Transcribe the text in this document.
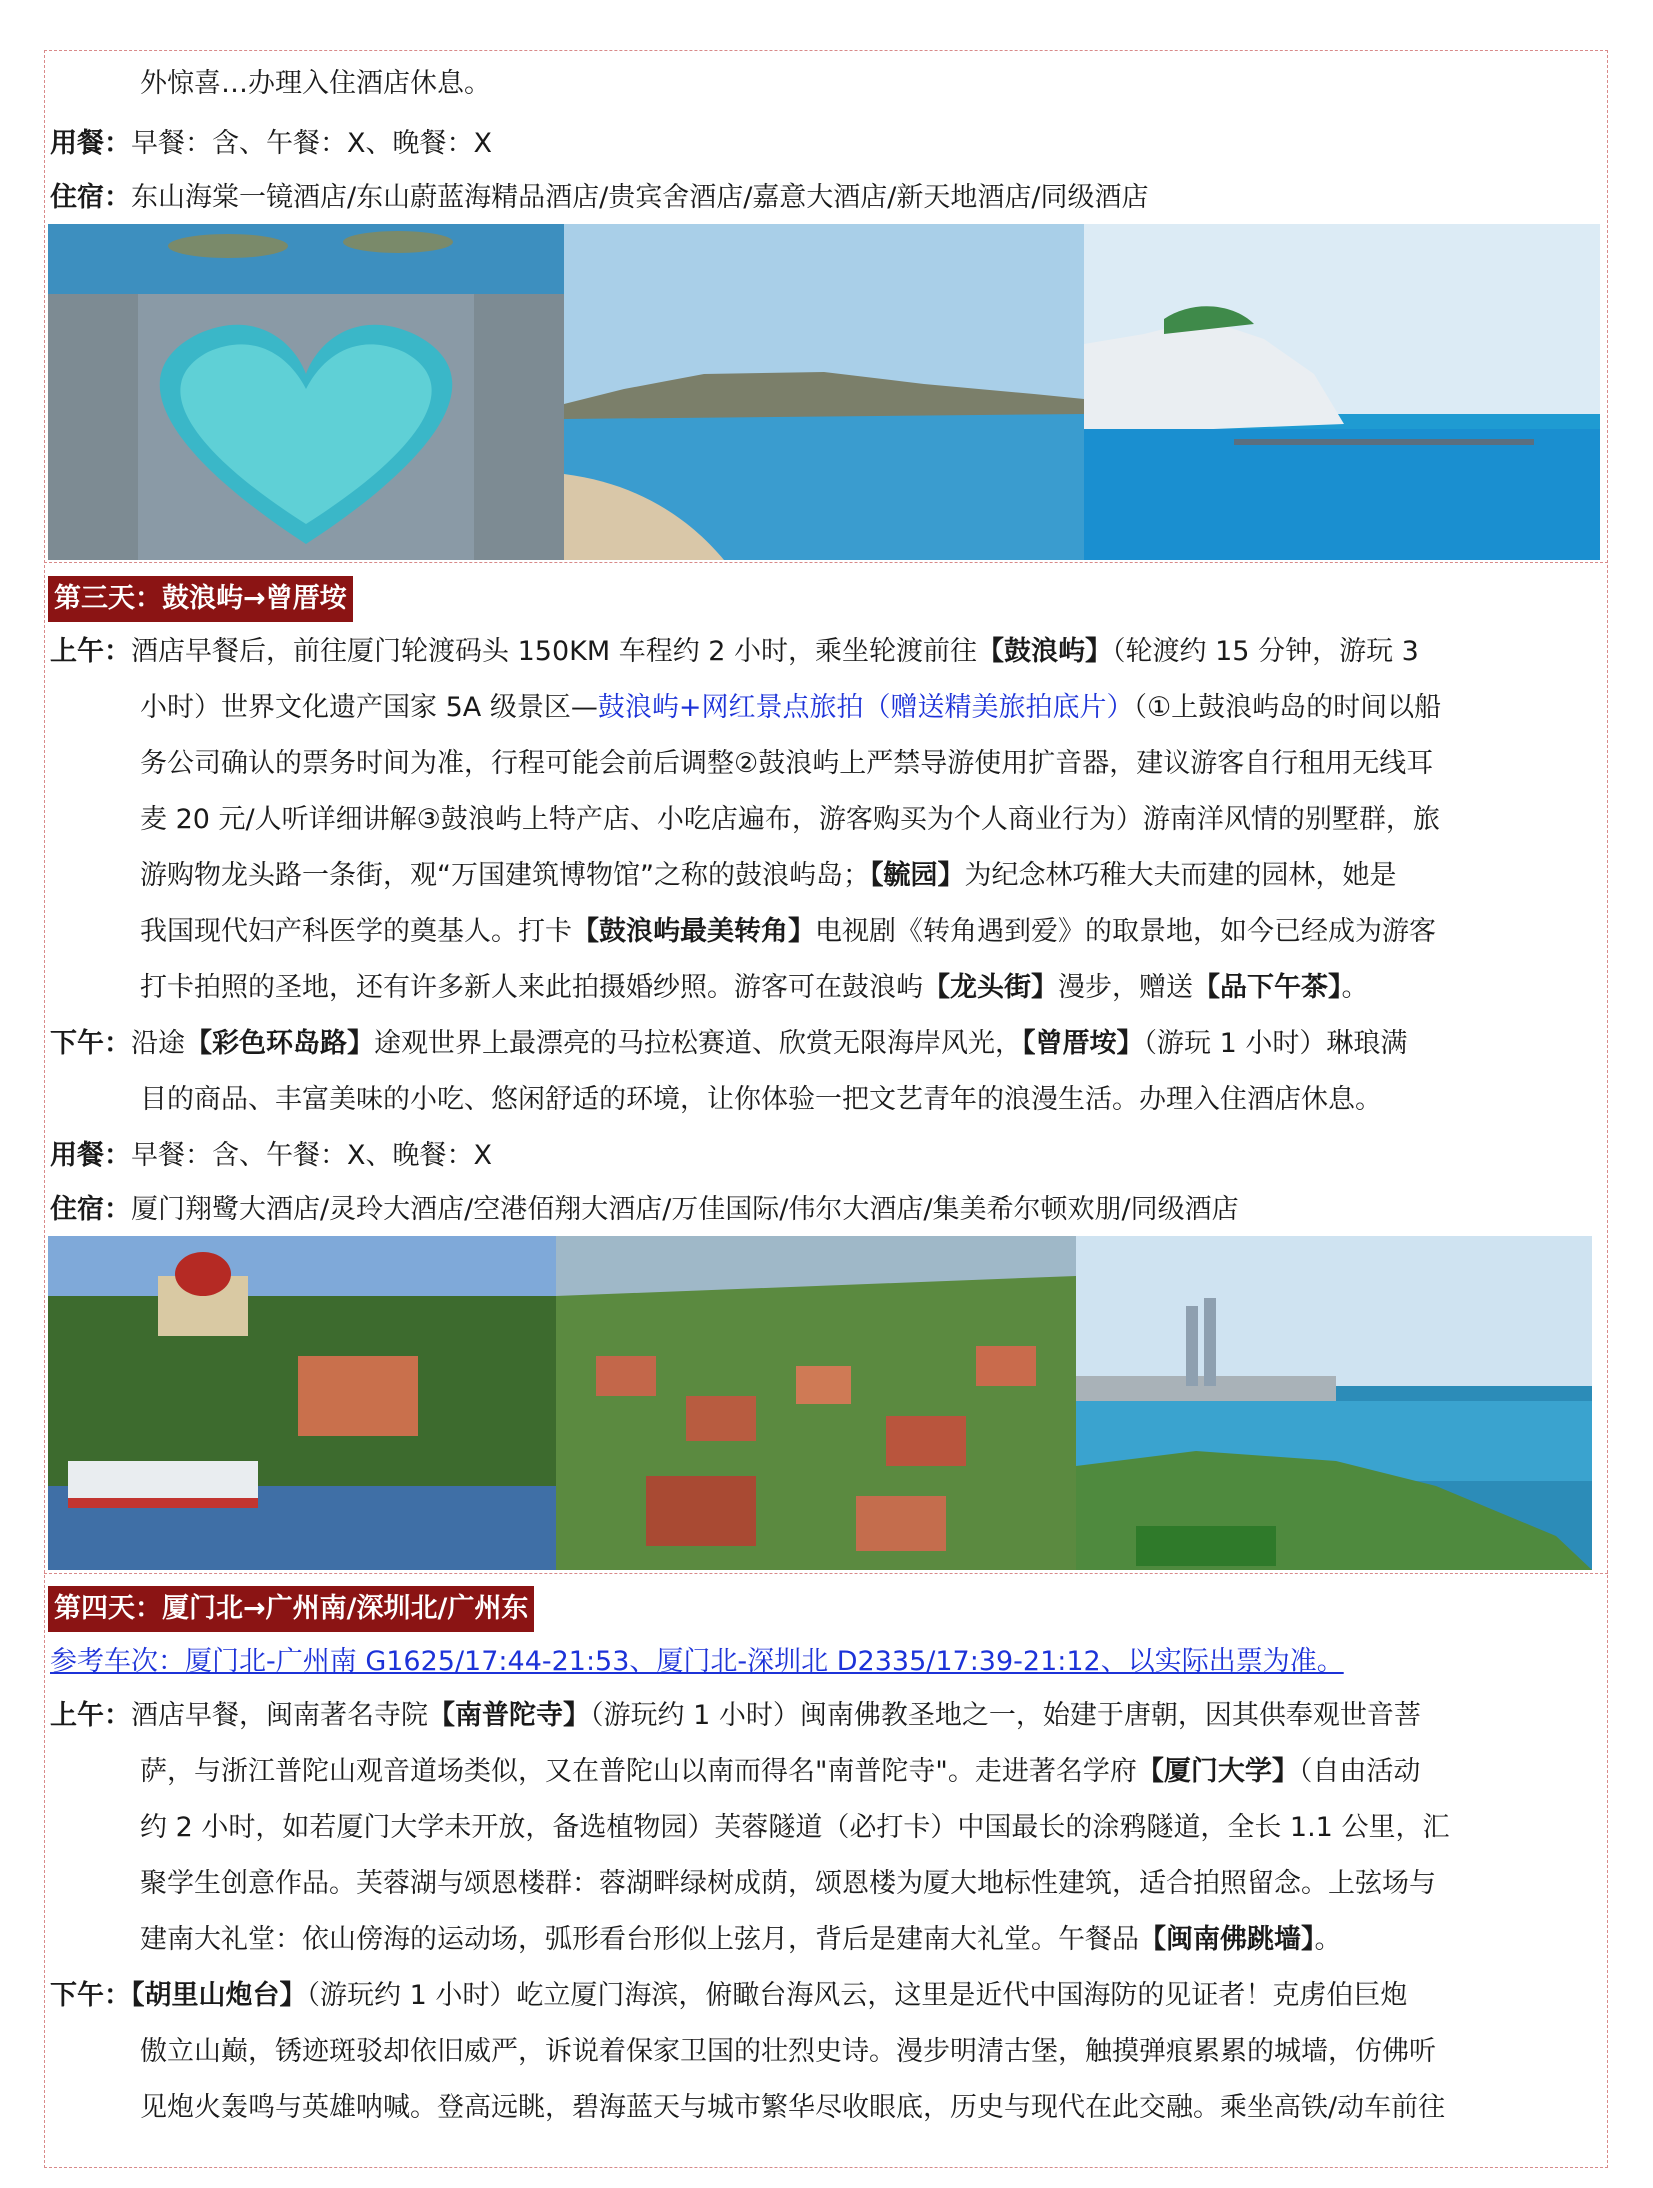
外惊喜…办理入住酒店休息。
用餐：早餐：含、午餐：X、晚餐：X
住宿：东山海棠一镜酒店/东山蔚蓝海精品酒店/贵宾舍酒店/嘉意大酒店/新天地酒店/同级酒店
第三天：鼓浪屿→曾厝垵
上午：酒店早餐后，前往厦门轮渡码头 150KM 车程约 2 小时，乘坐轮渡前往【鼓浪屿】（轮渡约 15 分钟，游玩 3
小时）世界文化遗产国家 5A 级景区—鼓浪屿+网红景点旅拍（赠送精美旅拍底片）（①上鼓浪屿岛的时间以船
务公司确认的票务时间为准，行程可能会前后调整②鼓浪屿上严禁导游使用扩音器，建议游客自行租用无线耳
麦 20 元/人听详细讲解③鼓浪屿上特产店、小吃店遍布，游客购买为个人商业行为）游南洋风情的别墅群，旅
游购物龙头路一条街，观“万国建筑博物馆”之称的鼓浪屿岛；【毓园】为纪念林巧稚大夫而建的园林，她是
我国现代妇产科医学的奠基人。打卡【鼓浪屿最美转角】电视剧《转角遇到爱》的取景地，如今已经成为游客
打卡拍照的圣地，还有许多新人来此拍摄婚纱照。游客可在鼓浪屿【龙头街】漫步，赠送【品下午茶】。
下午：沿途【彩色环岛路】途观世界上最漂亮的马拉松赛道、欣赏无限海岸风光，【曾厝垵】（游玩 1 小时）琳琅满
目的商品、丰富美味的小吃、悠闲舒适的环境，让你体验一把文艺青年的浪漫生活。办理入住酒店休息。
用餐：早餐：含、午餐：X、晚餐：X
住宿：厦门翔鹭大酒店/灵玲大酒店/空港佰翔大酒店/万佳国际/伟尔大酒店/集美希尔顿欢朋/同级酒店
第四天：厦门北→广州南/深圳北/广州东
参考车次：厦门北-广州南 G1625/17:44-21:53、厦门北-深圳北 D2335/17:39-21:12、以实际出票为准。
上午：酒店早餐，闽南著名寺院【南普陀寺】（游玩约 1 小时）闽南佛教圣地之一，始建于唐朝，因其供奉观世音菩
萨，与浙江普陀山观音道场类似，又在普陀山以南而得名"南普陀寺"。走进著名学府【厦门大学】（自由活动
约 2 小时，如若厦门大学未开放，备选植物园）芙蓉隧道（必打卡）中国最长的涂鸦隧道，全长 1.1 公里，汇
聚学生创意作品。芙蓉湖与颂恩楼群：蓉湖畔绿树成荫，颂恩楼为厦大地标性建筑，适合拍照留念。上弦场与
建南大礼堂：依山傍海的运动场，弧形看台形似上弦月，背后是建南大礼堂。午餐品【闽南佛跳墙】。
下午：【胡里山炮台】（游玩约 1 小时）屹立厦门海滨，俯瞰台海风云，这里是近代中国海防的见证者！克虏伯巨炮
傲立山巅，锈迹斑驳却依旧威严，诉说着保家卫国的壮烈史诗。漫步明清古堡，触摸弹痕累累的城墙，仿佛听
见炮火轰鸣与英雄呐喊。登高远眺，碧海蓝天与城市繁华尽收眼底，历史与现代在此交融。乘坐高铁/动车前往
